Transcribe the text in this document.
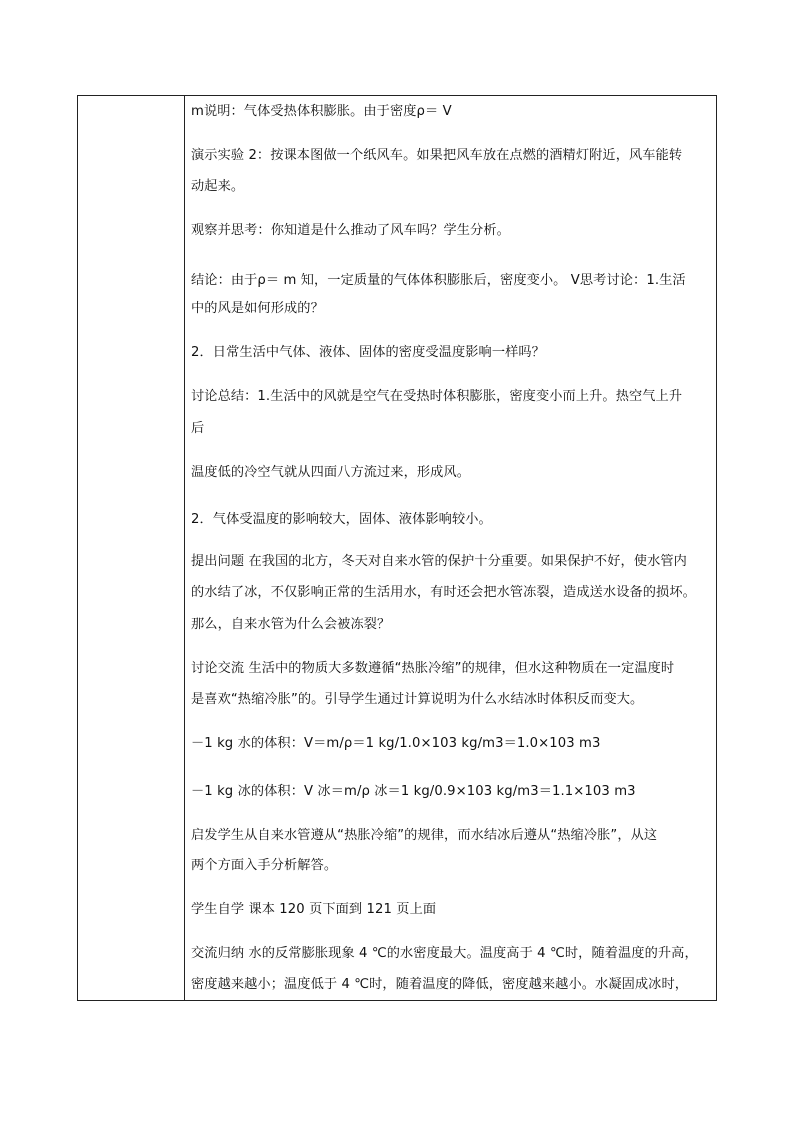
m说明：气体受热体积膨胀。由于密度ρ＝ V
演示实验 2：按课本图做一个纸风车。如果把风车放在点燃的酒精灯附近，风车能转
动起来。
观察并思考：你知道是什么推动了风车吗？学生分析。
结论：由于ρ＝ m 知，一定质量的气体体积膨胀后，密度变小。 V思考讨论：1.生活
中的风是如何形成的？
2．日常生活中气体、液体、固体的密度受温度影响一样吗？
讨论总结：1.生活中的风就是空气在受热时体积膨胀，密度变小而上升。热空气上升
后
温度低的冷空气就从四面八方流过来，形成风。
2．气体受温度的影响较大，固体、液体影响较小。
提出问题 在我国的北方，冬天对自来水管的保护十分重要。如果保护不好，使水管内
的水结了冰，不仅影响正常的生活用水，有时还会把水管冻裂，造成送水设备的损坏。
那么，自来水管为什么会被冻裂？
讨论交流 生活中的物质大多数遵循“热胀冷缩”的规律，但水这种物质在一定温度时
是喜欢“热缩冷胀”的。引导学生通过计算说明为什么水结冰时体积反而变大。
－1 kg 水的体积：V＝m/ρ＝1 kg/1.0×103 kg/m3＝1.0×103 m3
－1 kg 冰的体积：V 冰＝m/ρ 冰＝1 kg/0.9×103 kg/m3＝1.1×103 m3
启发学生从自来水管遵从“热胀冷缩”的规律，而水结冰后遵从“热缩冷胀”，从这
两个方面入手分析解答。
学生自学 课本 120 页下面到 121 页上面
交流归纳 水的反常膨胀现象 4 ℃的水密度最大。温度高于 4 ℃时，随着温度的升高，
密度越来越小；温度低于 4 ℃时，随着温度的降低，密度越来越小。水凝固成冰时，
